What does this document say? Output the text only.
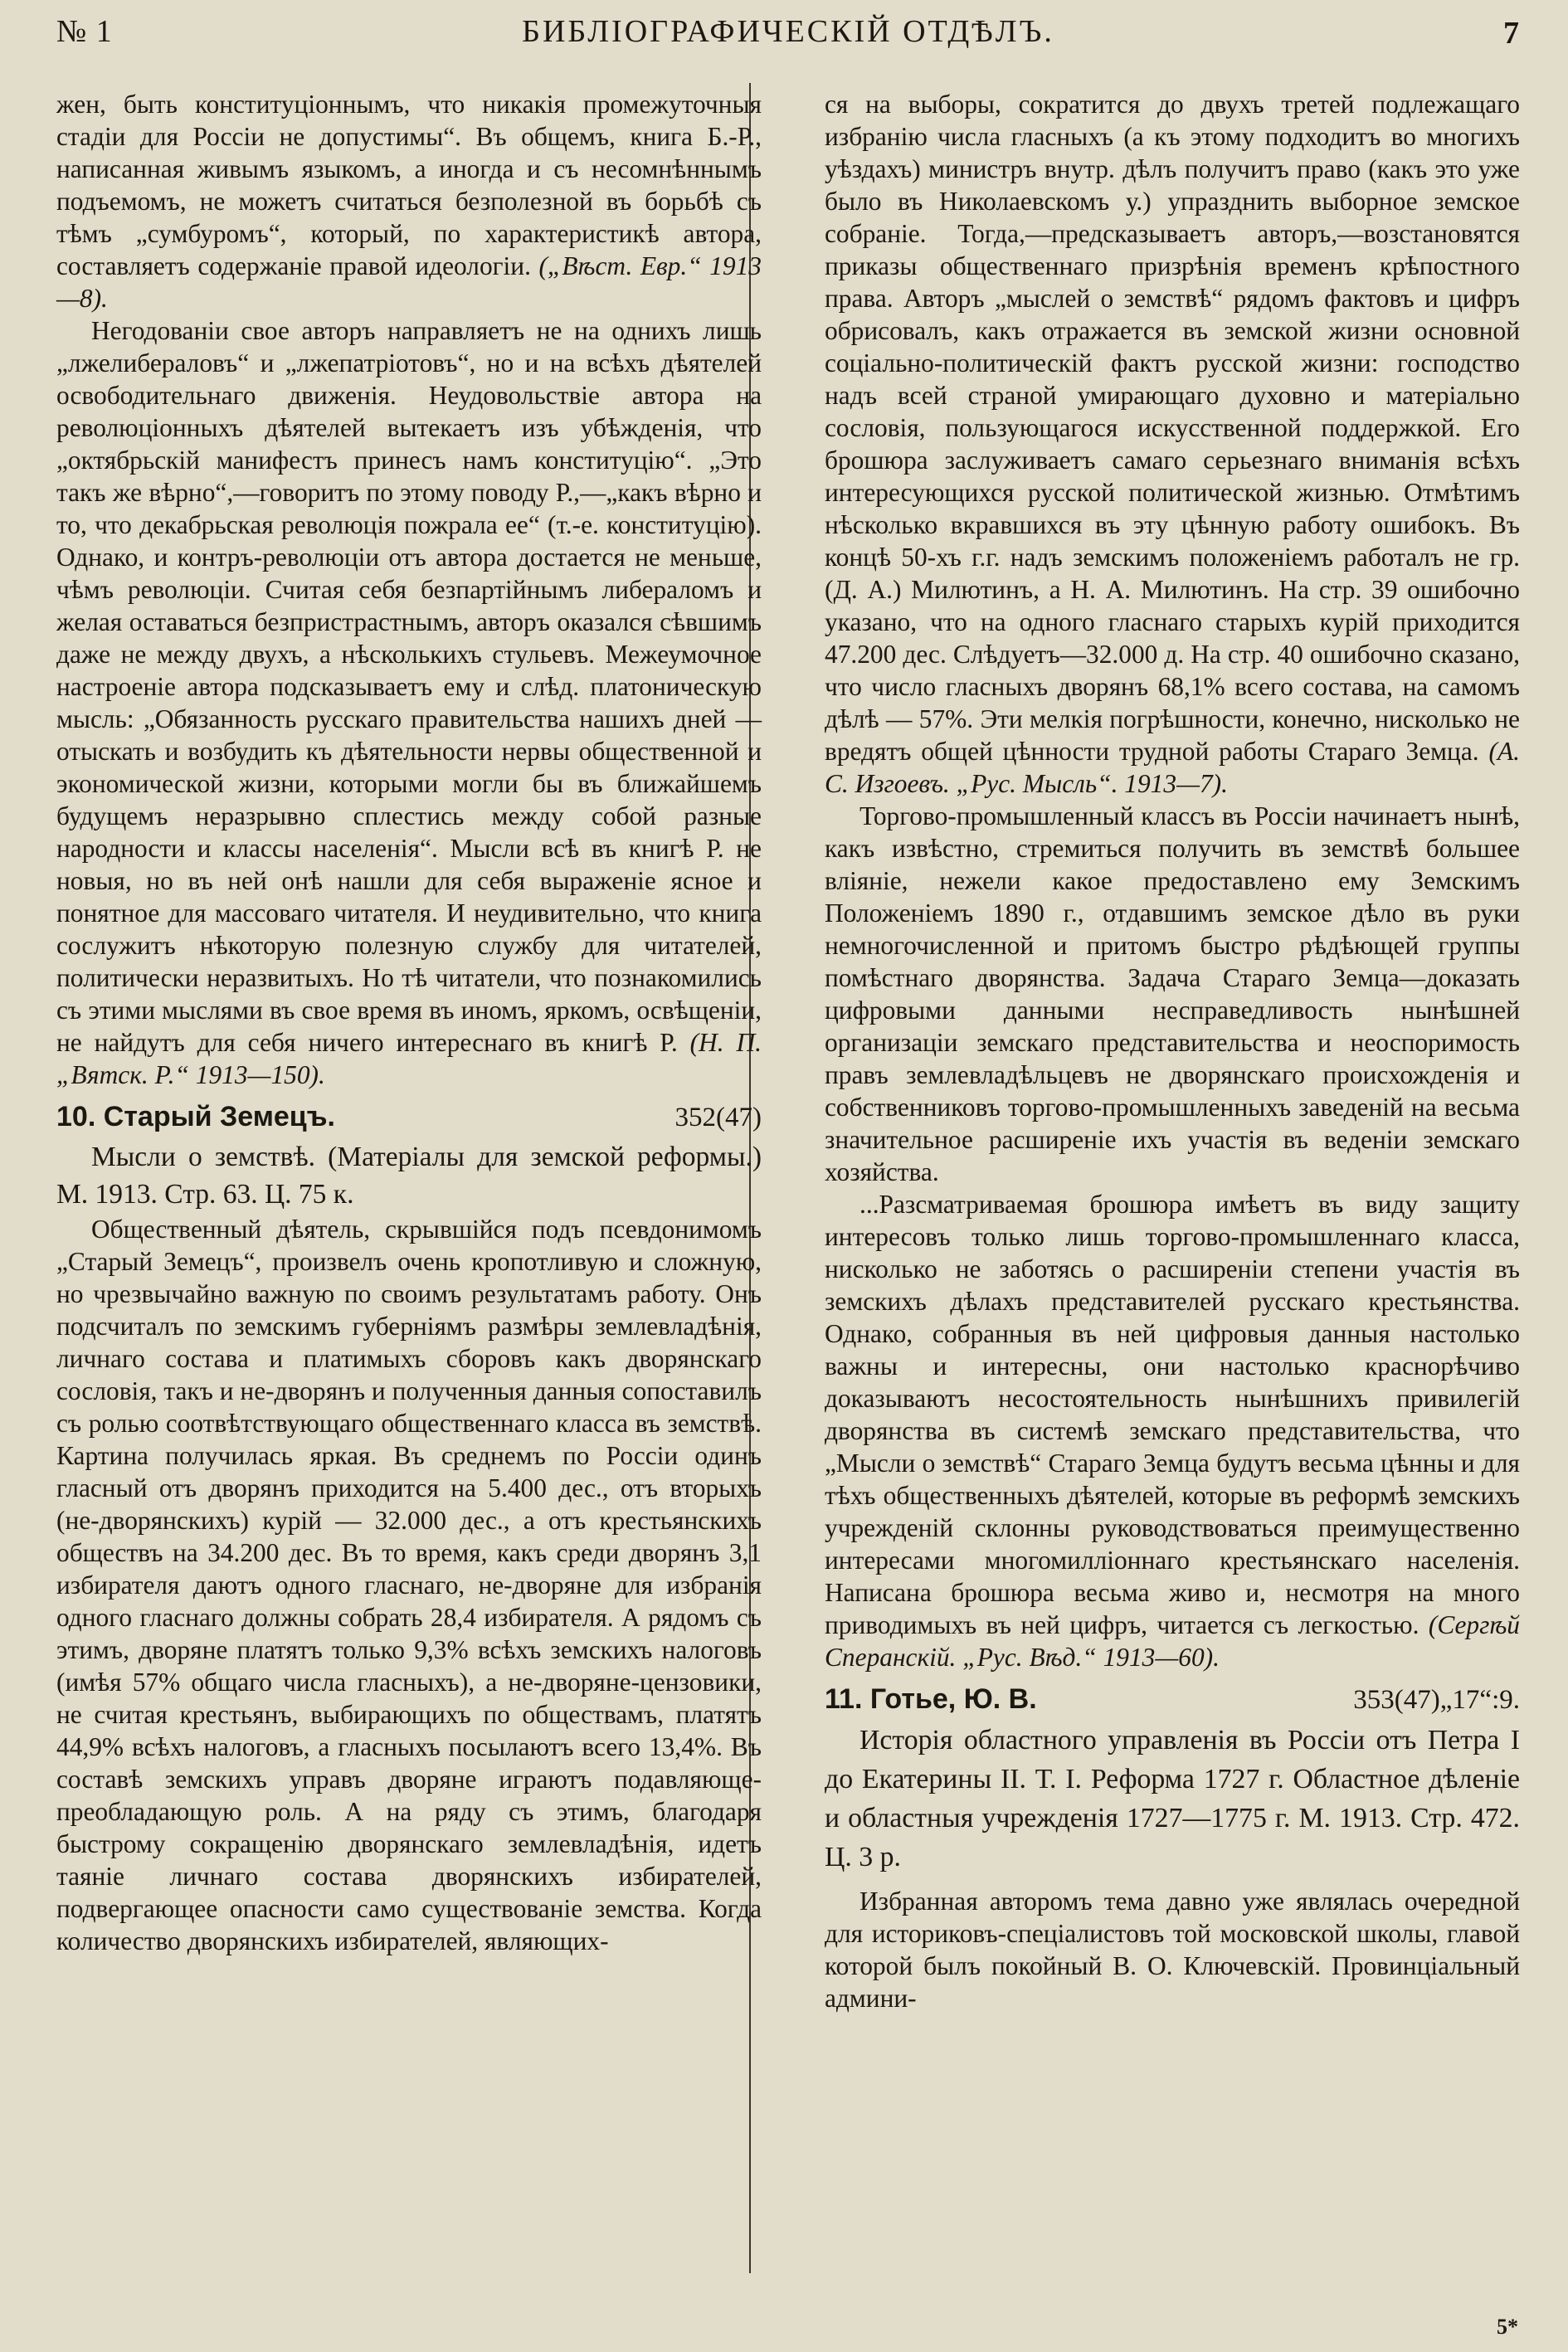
№ 1	БИБЛIОГРАФИЧЕСКIЙ ОТДѢЛЪ.	7

жен, быть конституціоннымъ, что никакія промежуточныя стадіи для Россіи не допустимы“. Въ общемъ, книга Б.-Р., написанная живымъ языкомъ, а иногда и съ несомнѣннымъ подъемомъ, не можетъ считаться безполезной въ борьбѣ съ тѣмъ „сумбуромъ“, который, по характеристикѣ автора, составляетъ содержаніе правой идеологіи. („Вѣст. Евр.“ 1913—8).

Негодованіи свое авторъ направляетъ не на однихъ лишь „лжелибераловъ“ и „лжепатріотовъ“, но и на всѣхъ дѣятелей освободительнаго движенія. Неудовольствіе автора на революціонныхъ дѣятелей вытекаетъ изъ убѣжденія, что „октябрьскій манифестъ принесъ намъ конституцію“. „Это такъ же вѣрно“,—говоритъ по этому поводу Р.,—„какъ вѣрно и то, что декабрьская революція пожрала ее“ (т.-е. конституцію). Однако, и контръ-революціи отъ автора достается не меньше, чѣмъ революціи. Считая себя безпартійнымъ либераломъ и желая оставаться безпристрастнымъ, авторъ оказался сѣвшимъ даже не между двухъ, а нѣсколькихъ стульевъ. Межеумочное настроеніе автора подсказываетъ ему и слѣд. платоническую мысль: „Обязанность русскаго правительства нашихъ дней — отыскать и возбудить къ дѣятельности нервы общественной и экономической жизни, которыми могли бы въ ближайшемъ будущемъ неразрывно сплестись между собой разные народности и классы населенія“. Мысли всѣ въ книгѣ Р. не новыя, но въ ней онѣ нашли для себя выраженіе ясное и понятное для массоваго читателя. И неудивительно, что книга сослужитъ нѣкоторую полезную службу для читателей, политически неразвитыхъ. Но тѣ читатели, что познакомились съ этими мыслями въ свое время въ иномъ, яркомъ, освѣщеніи, не найдутъ для себя ничего интереснаго въ книгѣ Р. (Н. П. „Вятск. Р.“ 1913—150).

10. Старый Земецъ.	352(47)

Мысли о земствѣ. (Матеріалы для земской реформы.) М. 1913. Стр. 63. Ц. 75 к.

Общественный дѣятель, скрывшійся подъ псевдонимомъ „Старый Земецъ“, произвелъ очень кропотливую и сложную, но чрезвычайно важную по своимъ результатамъ работу. Онъ подсчиталъ по земскимъ губерніямъ размѣры землевладѣнія, личнаго состава и платимыхъ сборовъ какъ дворянскаго сословія, такъ и не-дворянъ и полученныя данныя сопоставилъ съ ролью соотвѣтствующаго общественнаго класса въ земствѣ. Картина получилась яркая. Въ среднемъ по Россіи одинъ гласный отъ дворянъ приходится на 5.400 дес., отъ вторыхъ (не-дворянскихъ) курій — 32.000 дес., а отъ крестьянскихъ обществъ на 34.200 дес. Въ то время, какъ среди дворянъ 3,1 избирателя даютъ одного гласнаго, не-дворяне для избранія одного гласнаго должны собрать 28,4 избирателя. А рядомъ съ этимъ, дворяне платятъ только 9,3% всѣхъ земскихъ налоговъ (имѣя 57% общаго числа гласныхъ), а не-дворяне-цензовики, не считая крестьянъ, выбирающихъ по обществамъ, платятъ 44,9% всѣхъ налоговъ, а гласныхъ посылаютъ всего 13,4%. Въ составѣ земскихъ управъ дворяне играютъ подавляюще-преобладающую роль. А на ряду съ этимъ, благодаря быстрому сокращенію дворянскаго землевладѣнія, идетъ таяніе личнаго состава дворянскихъ избирателей, подвергающее опасности само существованіе земства. Когда количество дворянскихъ избирателей, являющих-

ся на выборы, сократится до двухъ третей подлежащаго избранію числа гласныхъ (а къ этому подходитъ во многихъ уѣздахъ) министръ внутр. дѣлъ получитъ право (какъ это уже было въ Николаевскомъ у.) упразднить выборное земское собраніе. Тогда,—предсказываетъ авторъ,—возстановятся приказы общественнаго призрѣнія временъ крѣпостного права. Авторъ „мыслей о земствѣ“ рядомъ фактовъ и цифръ обрисовалъ, какъ отражается въ земской жизни основной соціально-политическій фактъ русской жизни: господство надъ всей страной умирающаго духовно и матеріально сословія, пользующагося искусственной поддержкой. Его брошюра заслуживаетъ самаго серьезнаго вниманія всѣхъ интересующихся русской политической жизнью. Отмѣтимъ нѣсколько вкравшихся въ эту цѣнную работу ошибокъ. Въ концѣ 50-хъ г.г. надъ земскимъ положеніемъ работалъ не гр. (Д. А.) Милютинъ, а Н. А. Милютинъ. На стр. 39 ошибочно указано, что на одного гласнаго старыхъ курій приходится 47.200 дес. Слѣдуетъ—32.000 д. На стр. 40 ошибочно сказано, что число гласныхъ дворянъ 68,1% всего состава, на самомъ дѣлѣ — 57%. Эти мелкія погрѣшности, конечно, нисколько не вредятъ общей цѣнности трудной работы Стараго Земца. (А. С. Изгоевъ. „Рус. Мысль“. 1913—7).

Торгово-промышленный классъ въ Россіи начинаетъ нынѣ, какъ извѣстно, стремиться получить въ земствѣ большее вліяніе, нежели какое предоставлено ему Земскимъ Положеніемъ 1890 г., отдавшимъ земское дѣло въ руки немногочисленной и притомъ быстро рѣдѣющей группы помѣстнаго дворянства. Задача Стараго Земца—доказать цифровыми данными несправедливость нынѣшней организаціи земскаго представительства и неоспоримость правъ землевладѣльцевъ не дворянскаго происхожденія и собственниковъ торгово-промышленныхъ заведеній на весьма значительное расширеніе ихъ участія въ веденіи земскаго хозяйства.

...Разсматриваемая брошюра имѣетъ въ виду защиту интересовъ только лишь торгово-промышленнаго класса, нисколько не заботясь о расширеніи степени участія въ земскихъ дѣлахъ представителей русскаго крестьянства. Однако, собранныя въ ней цифровыя данныя настолько важны и интересны, они настолько краснорѣчиво доказываютъ несостоятельность нынѣшнихъ привилегій дворянства въ системѣ земскаго представительства, что „Мысли о земствѣ“ Стараго Земца будутъ весьма цѣнны и для тѣхъ общественныхъ дѣятелей, которые въ реформѣ земскихъ учрежденій склонны руководствоваться преимущественно интересами многомилліоннаго крестьянскаго населенія. Написана брошюра весьма живо и, несмотря на много приводимыхъ въ ней цифръ, читается съ легкостью. (Сергѣй Сперанскій. „Рус. Вѣд.“ 1913—60).

11. Готье, Ю. В.	353(47)„17“:9.

Исторія областного управленія въ Россіи отъ Петра I до Екатерины II. Т. I. Реформа 1727 г. Областное дѣленіе и областныя учрежденія 1727—1775 г. М. 1913. Стр. 472. Ц. 3 р.

Избранная авторомъ тема давно уже являлась очередной для историковъ-спеціалистовъ той московской школы, главой которой былъ покойный В. О. Ключевскій. Провинціальный админи-

5*
